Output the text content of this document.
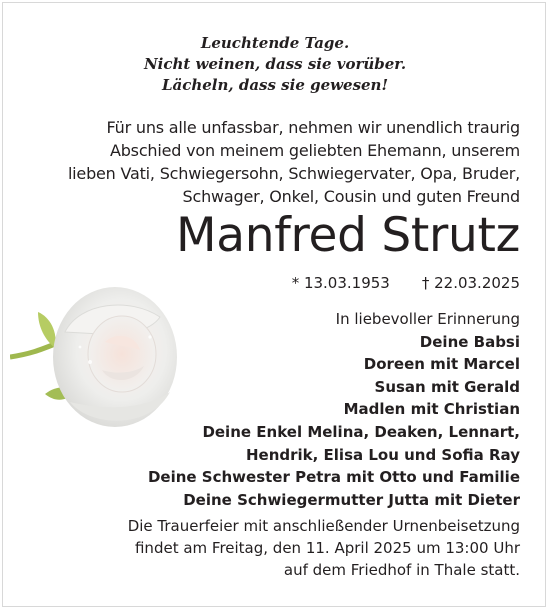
Leuchtende Tage.
Nicht weinen, dass sie vorüber.
Lächeln, dass sie gewesen!
Für uns alle unfassbar, nehmen wir unendlich traurig
Abschied von meinem geliebten Ehemann, unserem
lieben Vati, Schwiegersohn, Schwiegervater, Opa, Bruder,
Schwager, Onkel, Cousin und guten Freund
Manfred Strutz
* 13.03.1953 † 22.03.2025
In liebevoller Erinnerung
Deine Babsi
Doreen mit Marcel
Susan mit Gerald
Madlen mit Christian
Deine Enkel Melina, Deaken, Lennart,
Hendrik, Elisa Lou und Sofia Ray
Deine Schwester Petra mit Otto und Familie
Deine Schwiegermutter Jutta mit Dieter
Die Trauerfeier mit anschließender Urnenbeisetzung
findet am Freitag, den 11. April 2025 um 13:00 Uhr
auf dem Friedhof in Thale statt.
